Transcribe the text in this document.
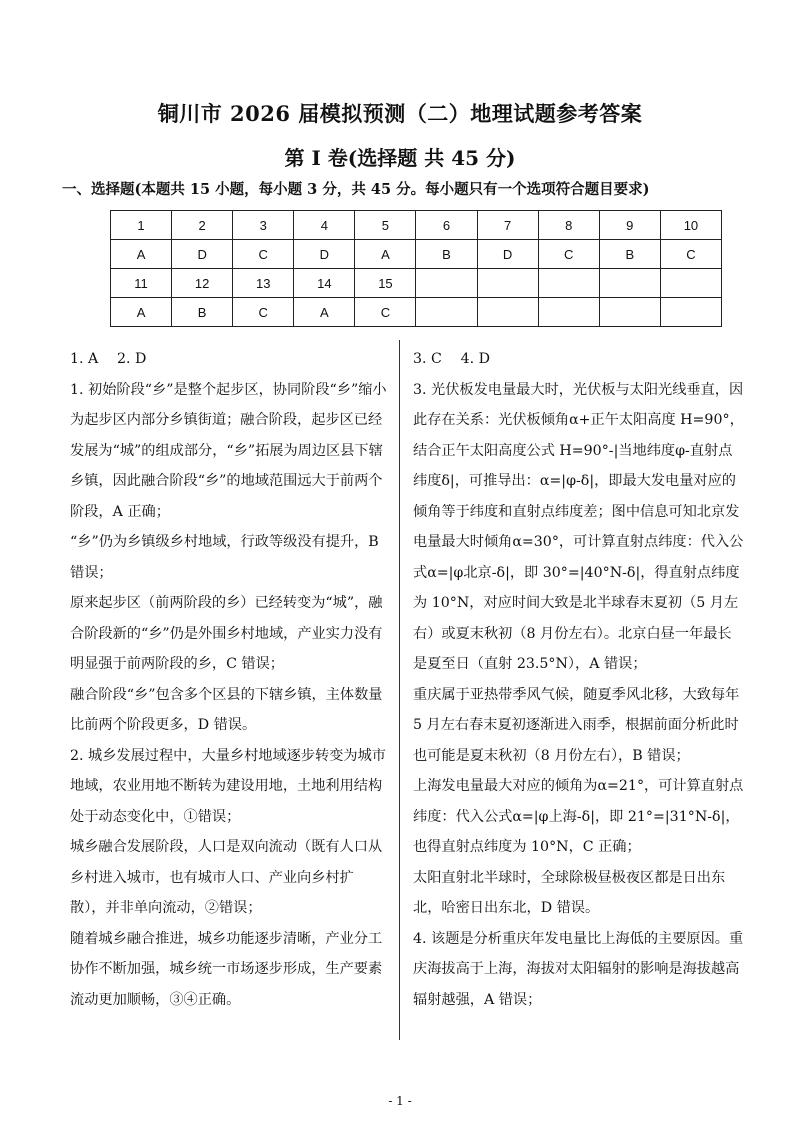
铜川市 2026 届模拟预测（二）地理试题参考答案
第 I 卷(选择题 共 45 分)
一、选择题(本题共 15 小题，每小题 3 分，共 45 分。每小题只有一个选项符合题目要求)
1	2	3	4	5	6	7	8	9	10
A	D	C	D	A	B	D	C	B	C
11	12	13	14	15					
A	B	C	A	C					

1. A　 2. D

1. 初始阶段“乡”是整个起步区，协同阶段“乡”缩小为起步区内部分乡镇街道；融合阶段，起步区已经发展为“城”的组成部分，“乡”拓展为周边区县下辖乡镇，因此融合阶段“乡”的地域范围远大于前两个阶段，A 正确；

“乡”仍为乡镇级乡村地域，行政等级没有提升，B 错误；

原来起步区（前两阶段的乡）已经转变为“城”，融合阶段新的“乡”仍是外围乡村地域，产业实力没有明显强于前两阶段的乡，C 错误；

融合阶段“乡”包含多个区县的下辖乡镇，主体数量比前两个阶段更多，D 错误。

2. 城乡发展过程中，大量乡村地域逐步转变为城市地域，农业用地不断转为建设用地，土地利用结构处于动态变化中，①错误；

城乡融合发展阶段，人口是双向流动（既有人口从乡村进入城市，也有城市人口、产业向乡村扩散），并非单向流动，②错误；

随着城乡融合推进，城乡功能逐步清晰，产业分工协作不断加强，城乡统一市场逐步形成，生产要素流动更加顺畅，③④正确。

3. C　 4. D

3. 光伏板发电量最大时，光伏板与太阳光线垂直，因此存在关系：光伏板倾角α+正午太阳高度 H=90°，结合正午太阳高度公式 H=90°-|当地纬度φ-直射点纬度δ|，可推导出：α=|φ-δ|，即最大发电量对应的倾角等于纬度和直射点纬度差；图中信息可知北京发电量最大时倾角α=30°，可计算直射点纬度：代入公式α=|φ北京-δ|，即 30°=|40°N-δ|，得直射点纬度为 10°N，对应时间大致是北半球春末夏初（5 月左右）或夏末秋初（8 月份左右）。北京白昼一年最长是夏至日（直射 23.5°N），A 错误；

重庆属于亚热带季风气候，随夏季风北移，大致每年 5 月左右春末夏初逐渐进入雨季，根据前面分析此时也可能是夏末秋初（8 月份左右），B 错误；

上海发电量最大对应的倾角为α=21°，可计算直射点纬度：代入公式α=|φ上海-δ|，即 21°=|31°N-δ|，也得直射点纬度为 10°N，C 正确；

太阳直射北半球时，全球除极昼极夜区都是日出东北，哈密日出东北，D 错误。

4. 该题是分析重庆年发电量比上海低的主要原因。重庆海拔高于上海，海拔对太阳辐射的影响是海拔越高辐射越强，A 错误；

- 1 -
